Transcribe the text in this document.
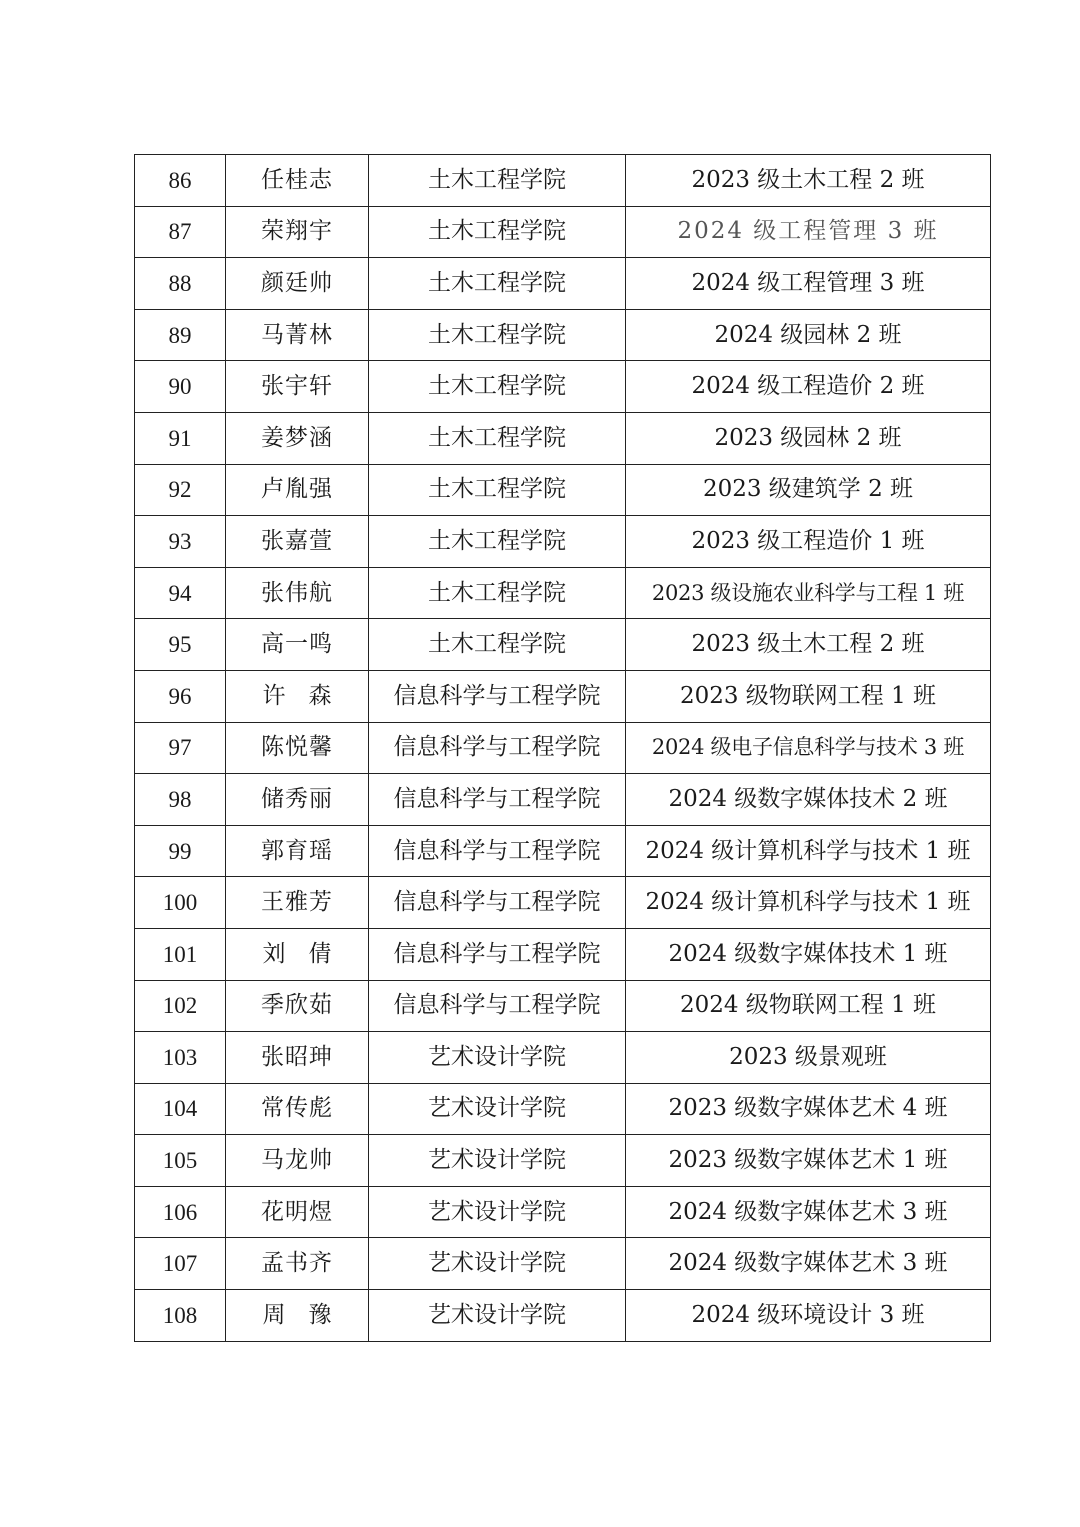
86	任桂志	土木工程学院	2023 级土木工程 2 班
87	荣翔宇	土木工程学院	2024 级工程管理 3 班
88	颜廷帅	土木工程学院	2024 级工程管理 3 班
89	马菁林	土木工程学院	2024 级园林 2 班
90	张宇轩	土木工程学院	2024 级工程造价 2 班
91	姜梦涵	土木工程学院	2023 级园林 2 班
92	卢胤强	土木工程学院	2023 级建筑学 2 班
93	张嘉萱	土木工程学院	2023 级工程造价 1 班
94	张伟航	土木工程学院	2023 级设施农业科学与工程 1 班
95	高一鸣	土木工程学院	2023 级土木工程 2 班
96	许　森	信息科学与工程学院	2023 级物联网工程 1 班
97	陈悦馨	信息科学与工程学院	2024 级电子信息科学与技术 3 班
98	储秀丽	信息科学与工程学院	2024 级数字媒体技术 2 班
99	郭育瑶	信息科学与工程学院	2024 级计算机科学与技术 1 班
100	王雅芳	信息科学与工程学院	2024 级计算机科学与技术 1 班
101	刘　倩	信息科学与工程学院	2024 级数字媒体技术 1 班
102	季欣茹	信息科学与工程学院	2024 级物联网工程 1 班
103	张昭珅	艺术设计学院	2023 级景观班
104	常传彪	艺术设计学院	2023 级数字媒体艺术 4 班
105	马龙帅	艺术设计学院	2023 级数字媒体艺术 1 班
106	花明煜	艺术设计学院	2024 级数字媒体艺术 3 班
107	孟书齐	艺术设计学院	2024 级数字媒体艺术 3 班
108	周　豫	艺术设计学院	2024 级环境设计 3 班
